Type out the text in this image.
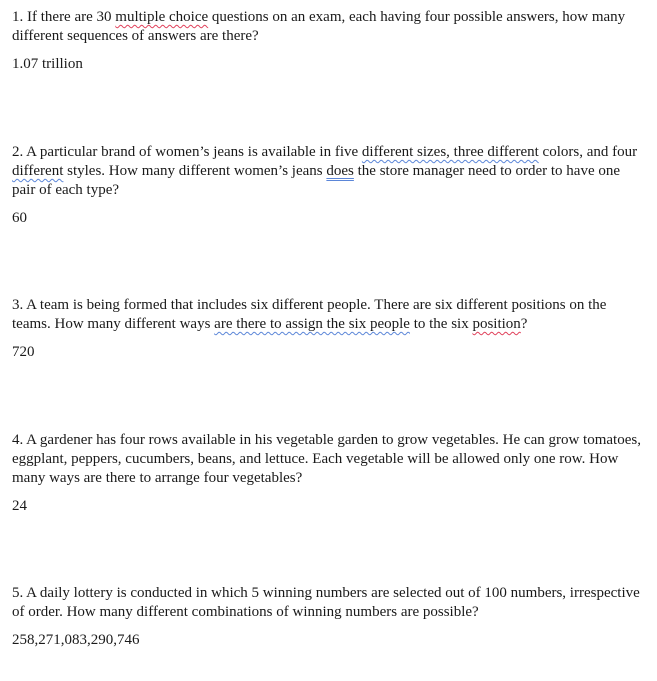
1. If there are 30 multiple choice questions on an exam, each having four possible answers, how many different sequences of answers are there?

1.07 trillion

2. A particular brand of women’s jeans is available in five different sizes, three different colors, and four different styles. How many different women’s jeans does the store manager need to order to have one pair of each type?

60

3. A team is being formed that includes six different people. There are six different positions on the teams. How many different ways are there to assign the six people to the six position?

720

4. A gardener has four rows available in his vegetable garden to grow vegetables. He can grow tomatoes, eggplant, peppers, cucumbers, beans, and lettuce. Each vegetable will be allowed only one row. How many ways are there to arrange four vegetables?

24

5. A daily lottery is conducted in which 5 winning numbers are selected out of 100 numbers, irrespective of order. How many different combinations of winning numbers are possible?

258,271,083,290,746
